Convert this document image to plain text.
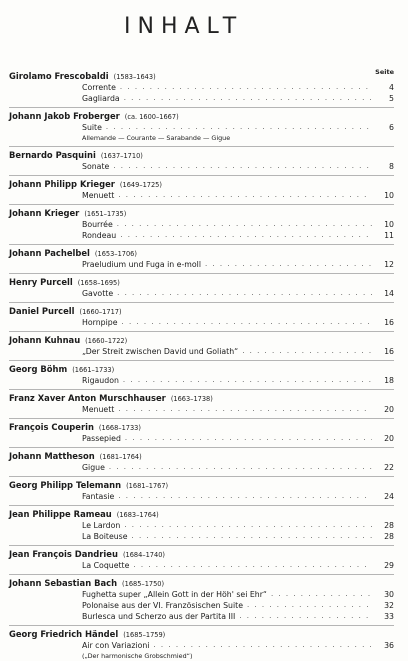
INHALT
Seite
Girolamo Frescobaldi (1583–1643)
Corrente . . .	4
Gagliarda . . .	5
Johann Jakob Froberger (ca. 1600–1667)
Suite . . .	6
Allemande — Courante — Sarabande — Gigue
Bernardo Pasquini (1637–1710)
Sonate . . .	8
Johann Philipp Krieger (1649–1725)
Menuett . . .	10
Johann Krieger (1651–1735)
Bourrée . . .	10
Rondeau . . .	11
Johann Pachelbel (1653–1706)
Praeludium und Fuga in e-moll . . .	12
Henry Purcell (1658–1695)
Gavotte . . .	14
Daniel Purcell (1660–1717)
Hornpipe . . .	16
Johann Kuhnau (1660–1722)
„Der Streit zwischen David und Goliath“ . . .	16
Georg Böhm (1661–1733)
Rigaudon . . .	18
Franz Xaver Anton Murschhauser (1663–1738)
Menuett . . .	20
François Couperin (1668–1733)
Passepied . . .	20
Johann Mattheson (1681–1764)
Gigue . . .	22
Georg Philipp Telemann (1681–1767)
Fantasie . . .	24
Jean Philippe Rameau (1683–1764)
Le Lardon . . .	28
La Boiteuse . . .	28
Jean François Dandrieu (1684–1740)
La Coquette . . .	29
Johann Sebastian Bach (1685–1750)
Fughetta super „Allein Gott in der Höh' sei Ehr“ . . .	30
Polonaise aus der VI. Französischen Suite . . .	32
Burlesca und Scherzo aus der Partita III . . .	33
Georg Friedrich Händel (1685–1759)
Air con Variazioni . . .	36
(„Der harmonische Grobschmied“)
